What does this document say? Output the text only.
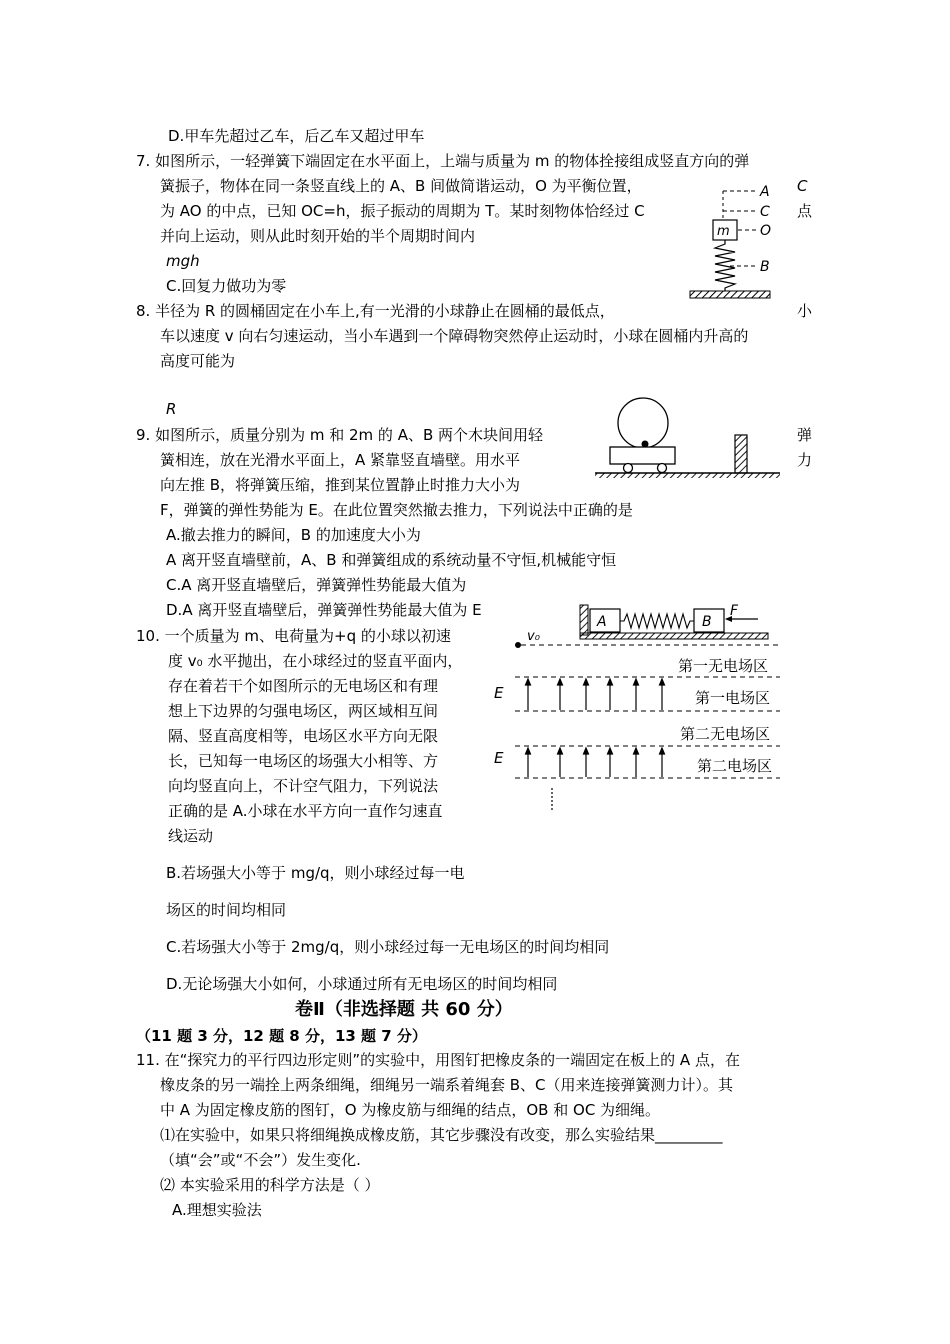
D.甲车先超过乙车，后乙车又超过甲车
7. 如图所示，一轻弹簧下端固定在水平面上，上端与质量为 m 的物体拴接组成竖直方向的弹
簧振子，物体在同一条竖直线上的 A、B 间做简谐运动，O 为平衡位置，	C
为 AO 的中点，已知 OC=h，振子振动的周期为 T。某时刻物体恰经过 C	点
并向上运动，则从此时刻开始的半个周期时间内
mgh
C.回复力做功为零
m
A
C
O
B
8. 半径为 R 的圆桶固定在小车上,有一光滑的小球静止在圆桶的最低点，	小
车以速度 v 向右匀速运动，当小车遇到一个障碍物突然停止运动时，小球在圆桶内升高的
高度可能为
R
9. 如图所示，质量分别为 m 和 2m 的 A、B 两个木块间用轻	弹
簧相连，放在光滑水平面上，A 紧靠竖直墙壁。用水平	力
向左推 B，将弹簧压缩，推到某位置静止时推力大小为
F，弹簧的弹性势能为 E。在此位置突然撤去推力，下列说法中正确的是
A.撤去推力的瞬间，B 的加速度大小为
A 离开竖直墙壁前，A、B 和弹簧组成的系统动量不守恒,机械能守恒
C.A 离开竖直墙壁后，弹簧弹性势能最大值为
D.A 离开竖直墙壁后，弹簧弹性势能最大值为 E
A	B
F
10. 一个质量为 m、电荷量为+q 的小球以初速
度 v₀ 水平抛出，在小球经过的竖直平面内，
存在着若干个如图所示的无电场区和有理
想上下边界的匀强电场区，两区域相互间
隔、竖直高度相等，电场区水平方向无限
长，已知每一电场区的场强大小相等、方
向均竖直向上，不计空气阻力，下列说法
正确的是 A.小球在水平方向一直作匀速直
线运动
B.若场强大小等于 mg/q，则小球经过每一电
场区的时间均相同
C.若场强大小等于 2mg/q，则小球经过每一无电场区的时间均相同
D.无论场强大小如何，小球通过所有无电场区的时间均相同
v₀
第一无电场区
E	第一电场区
第二无电场区
E	第二电场区
卷Ⅱ（非选择题 共 60 分）
（11 题 3 分，12 题 8 分，13 题 7 分）
11. 在“探究力的平行四边形定则”的实验中，用图钉把橡皮条的一端固定在板上的 A 点，在
橡皮条的另一端拴上两条细绳，细绳另一端系着绳套 B、C（用来连接弹簧测力计）。其
中 A 为固定橡皮筋的图钉，O 为橡皮筋与细绳的结点，OB 和 OC 为细绳。
⑴在实验中，如果只将细绳换成橡皮筋，其它步骤没有改变，那么实验结果_________
（填“会”或“不会”）发生变化.
⑵ 本实验采用的科学方法是（ ）
A.理想实验法
